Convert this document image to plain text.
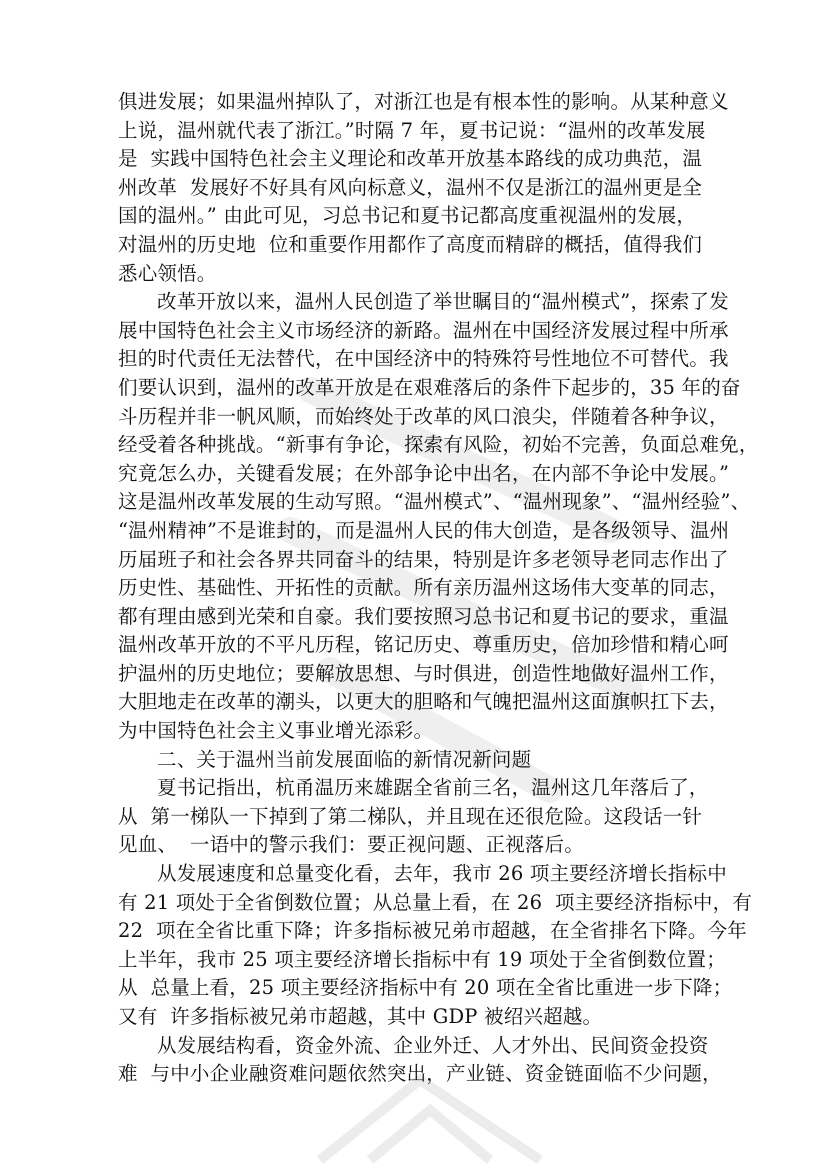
俱进发展；如果温州掉队了，对浙江也是有根本性的影响。从某种意义
上说，温州就代表了浙江。”时隔 7 年，夏书记说：“温州的改革发展
是  实践中国特色社会主义理论和改革开放基本路线的成功典范，温
州改革  发展好不好具有风向标意义，温州不仅是浙江的温州更是全
国的温州。” 由此可见，习总书记和夏书记都高度重视温州的发展，
对温州的历史地  位和重要作用都作了高度而精辟的概括，值得我们
悉心领悟。
改革开放以来，温州人民创造了举世瞩目的“温州模式”，探索了发
展中国特色社会主义市场经济的新路。温州在中国经济发展过程中所承
担的时代责任无法替代，在中国经济中的特殊符号性地位不可替代。我
们要认识到，温州的改革开放是在艰难落后的条件下起步的，35 年的奋
斗历程并非一帆风顺，而始终处于改革的风口浪尖，伴随着各种争议，
经受着各种挑战。“新事有争论，探索有风险，初始不完善，负面总难免，
究竟怎么办，关键看发展；在外部争论中出名，在内部不争论中发展。”
这是温州改革发展的生动写照。“温州模式”、“温州现象”、“温州经验”、
“温州精神”不是谁封的，而是温州人民的伟大创造，是各级领导、温州
历届班子和社会各界共同奋斗的结果，特别是许多老领导老同志作出了
历史性、基础性、开拓性的贡献。所有亲历温州这场伟大变革的同志，
都有理由感到光荣和自豪。我们要按照习总书记和夏书记的要求，重温
温州改革开放的不平凡历程，铭记历史、尊重历史，倍加珍惜和精心呵
护温州的历史地位；要解放思想、与时俱进，创造性地做好温州工作，
大胆地走在改革的潮头，以更大的胆略和气魄把温州这面旗帜扛下去，
为中国特色社会主义事业增光添彩。
二、关于温州当前发展面临的新情况新问题
夏书记指出，杭甬温历来雄踞全省前三名，温州这几年落后了，
从  第一梯队一下掉到了第二梯队，并且现在还很危险。这段话一针
见血、  一语中的警示我们：要正视问题、正视落后。
从发展速度和总量变化看，去年，我市 26 项主要经济增长指标中
有 21 项处于全省倒数位置；从总量上看，在 26  项主要经济指标中，有
22  项在全省比重下降；许多指标被兄弟市超越，在全省排名下降。今年
上半年，我市 25 项主要经济增长指标中有 19 项处于全省倒数位置；
从  总量上看，25 项主要经济指标中有 20 项在全省比重进一步下降；
又有  许多指标被兄弟市超越，其中 GDP 被绍兴超越。
从发展结构看，资金外流、企业外迁、人才外出、民间资金投资
难  与中小企业融资难问题依然突出，产业链、资金链面临不少问题，
